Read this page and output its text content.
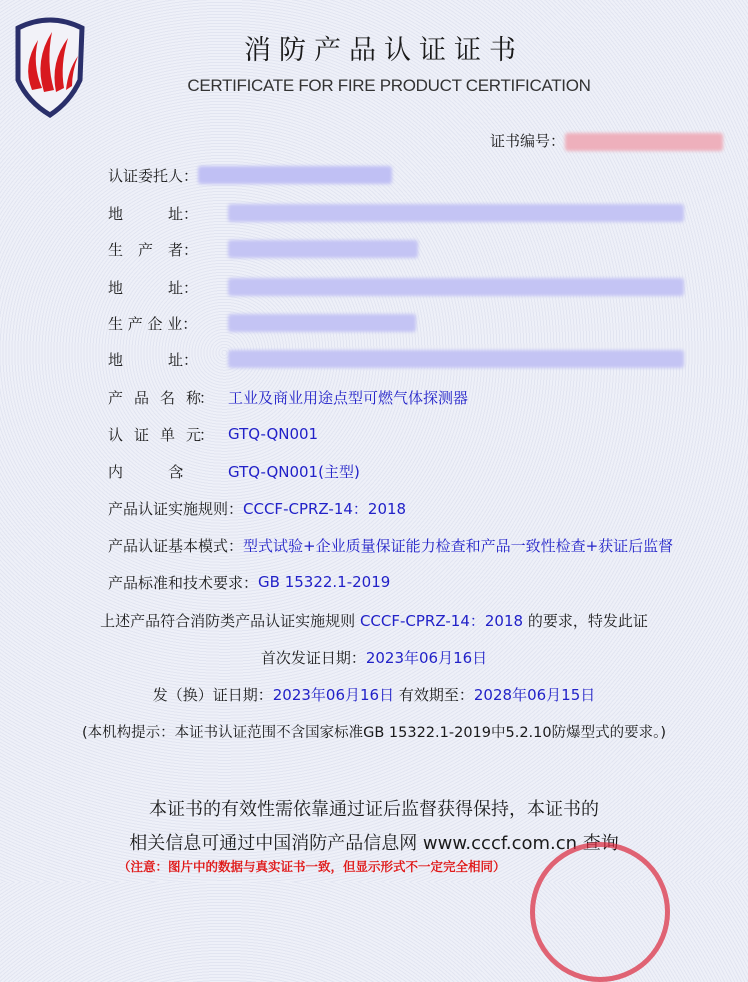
消防产品认证证书
CERTIFICATE FOR FIRE PRODUCT CERTIFICATION
证书编号：
认证委托人：
地　　　址：
生　产　者：
地　　　址：
生 产 企 业：
地　　　址：
产　品　名　称：	工业及商业用途点型可燃气体探测器
认　证　单　元：	GTQ-QN001
内　　　　　含：	GTQ-QN001(主型)
产品认证实施规则： CCCF-CPRZ-14：2018
产品认证基本模式： 型式试验+企业质量保证能力检查和产品一致性检查+获证后监督
产品标准和技术要求： GB 15322.1-2019
上述产品符合消防类产品认证实施规则 CCCF-CPRZ-14：2018 的要求，特发此证
首次发证日期：2023年06月16日
发（换）证日期：2023年06月16日 有效期至：2028年06月15日
(本机构提示：本证书认证范围不含国家标准GB 15322.1-2019中5.2.10防爆型式的要求。)
本证书的有效性需依靠通过证后监督获得保持，本证书的
相关信息可通过中国消防产品信息网 www.cccf.com.cn 查询
（注意：图片中的数据与真实证书一致，但显示形式不一定完全相同）
